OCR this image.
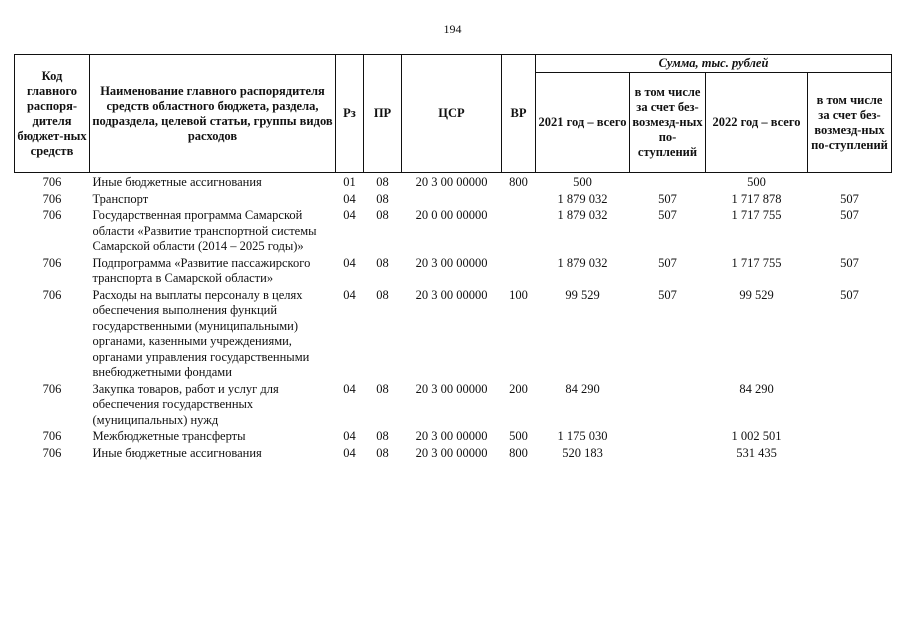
194
Код главного распоря-дителя бюджет-ных средств	Наименование главного распорядителя средств областного бюджета, раздела, подраздела, целевой статьи, группы видов расходов	Рз	ПР	ЦСР	ВР	Сумма, тыс. рублей			
						2021 год – всего	в том числе за счет без-возмезд-ных по-ступлений	2022 год – всего	в том числе за счет без-возмезд-ных по-ступлений
706	Иные бюджетные ассигнования	01	08	20 3 00 00000	800	500		500	
706	Транспорт	04	08			1 879 032	507	1 717 878	507
706	Государственная программа Самарской области «Развитие транспортной системы Самарской области (2014 – 2025 годы)»	04	08	20 0 00 00000		1 879 032	507	1 717 755	507
706	Подпрограмма «Развитие пассажирского транспорта в Самарской области»	04	08	20 3 00 00000		1 879 032	507	1 717 755	507
706	Расходы на выплаты персоналу в целях обеспечения выполнения функций государственными (муниципальными) органами, казенными учреждениями, органами управления государственными внебюджетными фондами	04	08	20 3 00 00000	100	99 529	507	99 529	507
706	Закупка товаров, работ и услуг для обеспечения государственных (муниципальных) нужд	04	08	20 3 00 00000	200	84 290		84 290	
706	Межбюджетные трансферты	04	08	20 3 00 00000	500	1 175 030		1 002 501	
706	Иные бюджетные ассигнования	04	08	20 3 00 00000	800	520 183		531 435	
